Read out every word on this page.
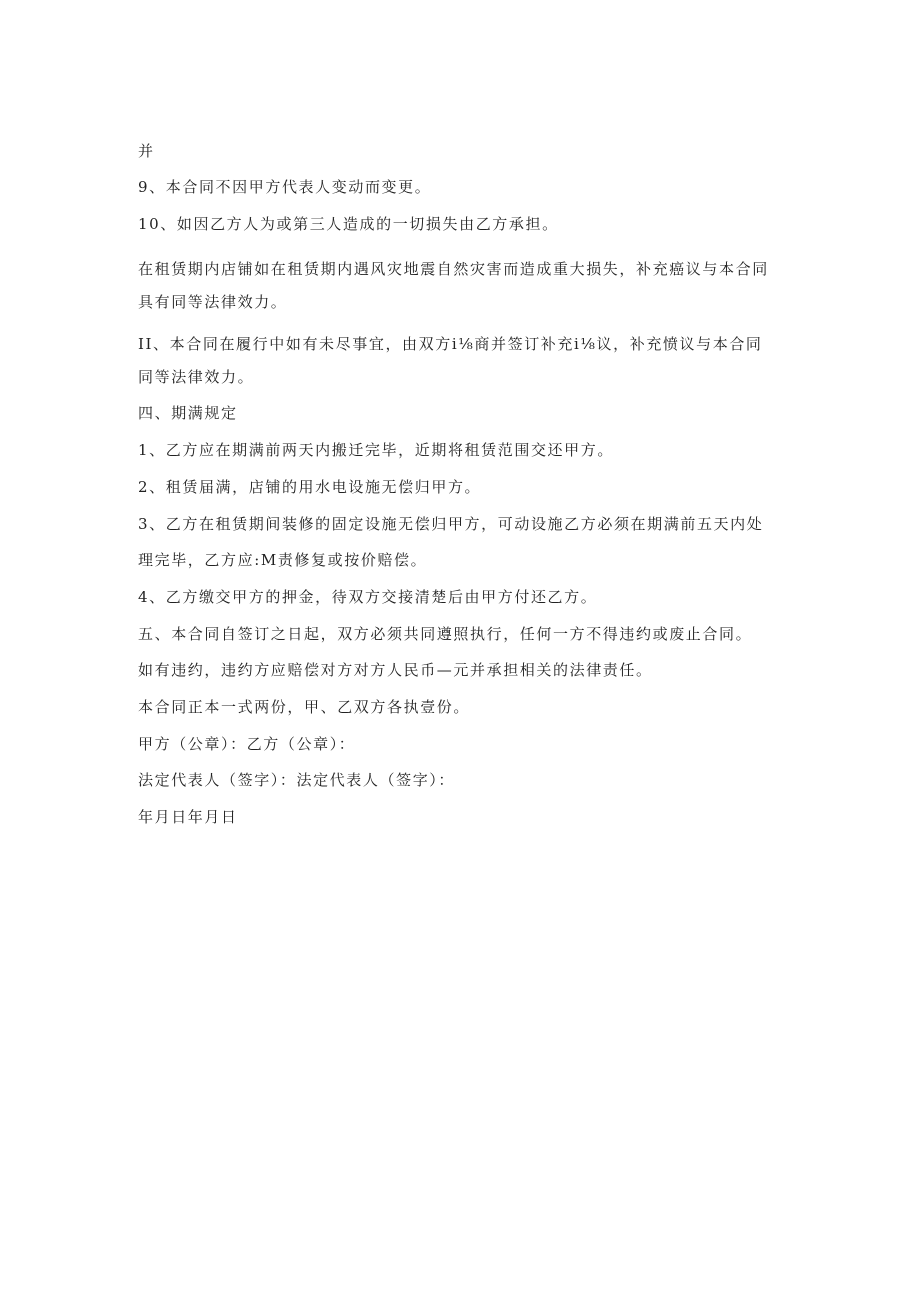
并

9、本合同不因甲方代表人变动而变更。

10、如因乙方人为或第三人造成的一切损失由乙方承担。

在租赁期内店铺如在租赁期内遇风灾地震自然灾害而造成重大损失，补充癌议与本合同

具有同等法律效力。

II、本合同在履行中如有未尽事宜，由双方i⅛商并签订补充i⅛议，补充愤议与本合同

同等法律效力。

四、期满规定

1、乙方应在期满前两天内搬迁完毕，近期将租赁范围交还甲方。

2、租赁届满，店铺的用水电设施无偿归甲方。

3、乙方在租赁期间装修的固定设施无偿归甲方，可动设施乙方必须在期满前五天内处

理完毕，乙方应:M责修复或按价赔偿。

4、乙方缴交甲方的押金，待双方交接清楚后由甲方付还乙方。

五、本合同自签订之日起，双方必须共同遵照执行，任何一方不得违约或废止合同。

如有违约，违约方应赔偿对方对方人民币—元并承担相关的法律责任。

本合同正本一式两份，甲、乙双方各执壹份。

甲方（公章）：乙方（公章）：

法定代表人（签字）：法定代表人（签字）：

年月日年月日
